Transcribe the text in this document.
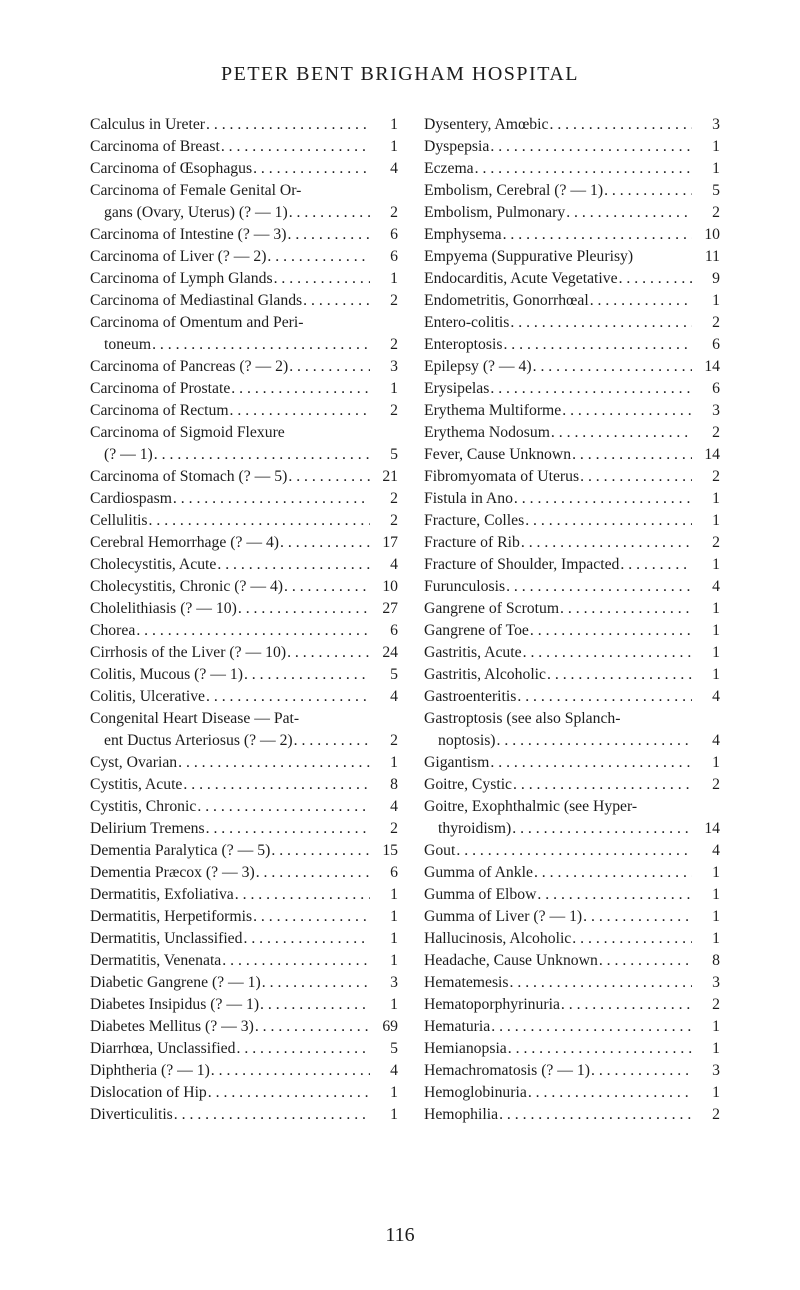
PETER BENT BRIGHAM HOSPITAL
Calculus in Ureter . . .	1
Carcinoma of Breast . . .	1
Carcinoma of Œsophagus . . .	4
Carcinoma of Female Genital Or-
gans (Ovary, Uterus) (? — 1) . . .	2
Carcinoma of Intestine (? — 3) . . .	6
Carcinoma of Liver (? — 2) . . .	6
Carcinoma of Lymph Glands . . .	1
Carcinoma of Mediastinal Glands . . .	2
Carcinoma of Omentum and Peri-
toneum . . .	2
Carcinoma of Pancreas (? — 2) . . .	3
Carcinoma of Prostate . . .	1
Carcinoma of Rectum . . .	2
Carcinoma of Sigmoid Flexure
(? — 1) . . .	5
Carcinoma of Stomach (? — 5) . . .	21
Cardiospasm . . .	2
Cellulitis . . .	2
Cerebral Hemorrhage (? — 4) . . .	17
Cholecystitis, Acute . . .	4
Cholecystitis, Chronic (? — 4) . . .	10
Cholelithiasis (? — 10) . . .	27
Chorea . . .	6
Cirrhosis of the Liver (? — 10) . . .	24
Colitis, Mucous (? — 1) . . .	5
Colitis, Ulcerative . . .	4
Congenital Heart Disease — Pat-
ent Ductus Arteriosus (? — 2) . . .	2
Cyst, Ovarian . . .	1
Cystitis, Acute . . .	8
Cystitis, Chronic . . .	4
Delirium Tremens . . .	2
Dementia Paralytica (? — 5) . . .	15
Dementia Præcox (? — 3) . . .	6
Dermatitis, Exfoliativa . . .	1
Dermatitis, Herpetiformis . . .	1
Dermatitis, Unclassified . . .	1
Dermatitis, Venenata . . .	1
Diabetic Gangrene (? — 1) . . .	3
Diabetes Insipidus (? — 1) . . .	1
Diabetes Mellitus (? — 3) . . .	69
Diarrhœa, Unclassified . . .	5
Diphtheria (? — 1) . . .	4
Dislocation of Hip . . .	1
Diverticulitis . . .	1
Dysentery, Amœbic . . .	3
Dyspepsia . . .	1
Eczema . . .	1
Embolism, Cerebral (? — 1) . . .	5
Embolism, Pulmonary . . .	2
Emphysema . . .	10
Empyema (Suppurative Pleurisy)	11
Endocarditis, Acute Vegetative . . .	9
Endometritis, Gonorrhœal . . .	1
Entero-colitis . . .	2
Enteroptosis . . .	6
Epilepsy (? — 4) . . .	14
Erysipelas . . .	6
Erythema Multiforme . . .	3
Erythema Nodosum . . .	2
Fever, Cause Unknown . . .	14
Fibromyomata of Uterus . . .	2
Fistula in Ano . . .	1
Fracture, Colles . . .	1
Fracture of Rib . . .	2
Fracture of Shoulder, Impacted . . .	1
Furunculosis . . .	4
Gangrene of Scrotum . . .	1
Gangrene of Toe . . .	1
Gastritis, Acute . . .	1
Gastritis, Alcoholic . . .	1
Gastroenteritis . . .	4
Gastroptosis (see also Splanch-
noptosis) . . .	4
Gigantism . . .	1
Goitre, Cystic . . .	2
Goitre, Exophthalmic (see Hyper-
thyroidism) . . .	14
Gout . . .	4
Gumma of Ankle . . .	1
Gumma of Elbow . . .	1
Gumma of Liver (? — 1) . . .	1
Hallucinosis, Alcoholic . . .	1
Headache, Cause Unknown . . .	8
Hematemesis . . .	3
Hematoporphyrinuria . . .	2
Hematuria . . .	1
Hemianopsia . . .	1
Hemachromatosis (? — 1) . . .	3
Hemoglobinuria . . .	1
Hemophilia . . .	2
116
